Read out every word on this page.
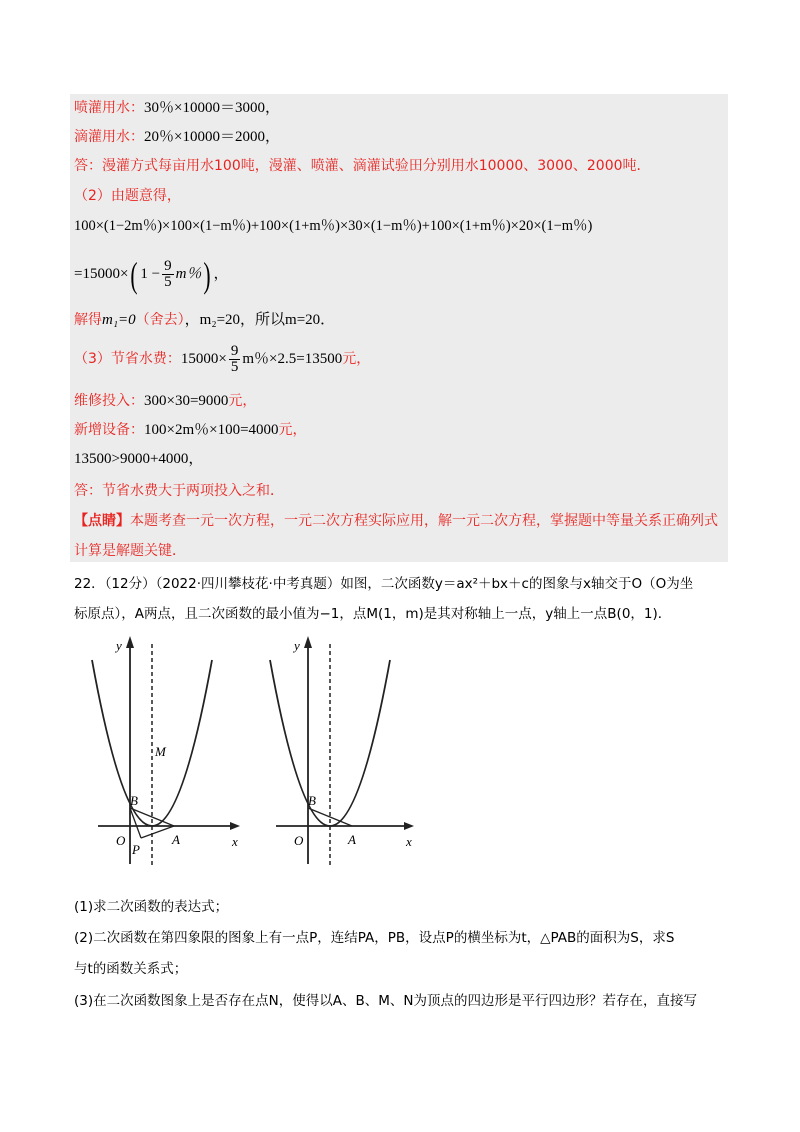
喷灌用水：30％×10000＝3000，
滴灌用水：20％×10000＝2000，
答：漫灌方式每亩用水100吨，漫灌、喷灌、滴灌试验田分别用水10000、3000、2000吨．
（2）由题意得，
100×(1−2m％)×100×(1−m％)+100×(1+m％)×30×(1−m％)+100×(1+m％)×20×(1−m％)
=15000×( $1 - \frac{9}{5}$ m％) ，
解得m₁=0（舍去），m₂=20，所以m=20．
（3）节省水费：$15000\times \frac{9}{5}$ m％×2.5=13500元，
维修投入：300×30=9000元，
新增设备：100×2m％×100=4000元，
13500>9000+4000，
答：节省水费大于两项投入之和．
【点睛】本题考查一元一次方程，一元二次方程实际应用，解一元二次方程，掌握题中等量关系正确列式
计算是解题关键．
22．（12分）（2022·四川攀枝花·中考真题）如图，二次函数y＝ax²＋bx＋c的图象与x轴交于O（O为坐
标原点），A两点，且二次函数的最小值为−1，点M(1，m)是其对称轴上一点，y轴上一点B(0，1)．
y
x
O	A
B
M
P
y
x
O	A
B
(1)求二次函数的表达式；
(2)二次函数在第四象限的图象上有一点P，连结PA，PB，设点P的横坐标为t，△PAB的面积为S，求S
与t的函数关系式；
(3)在二次函数图象上是否存在点N，使得以A、B、M、N为顶点的四边形是平行四边形？若存在，直接写
